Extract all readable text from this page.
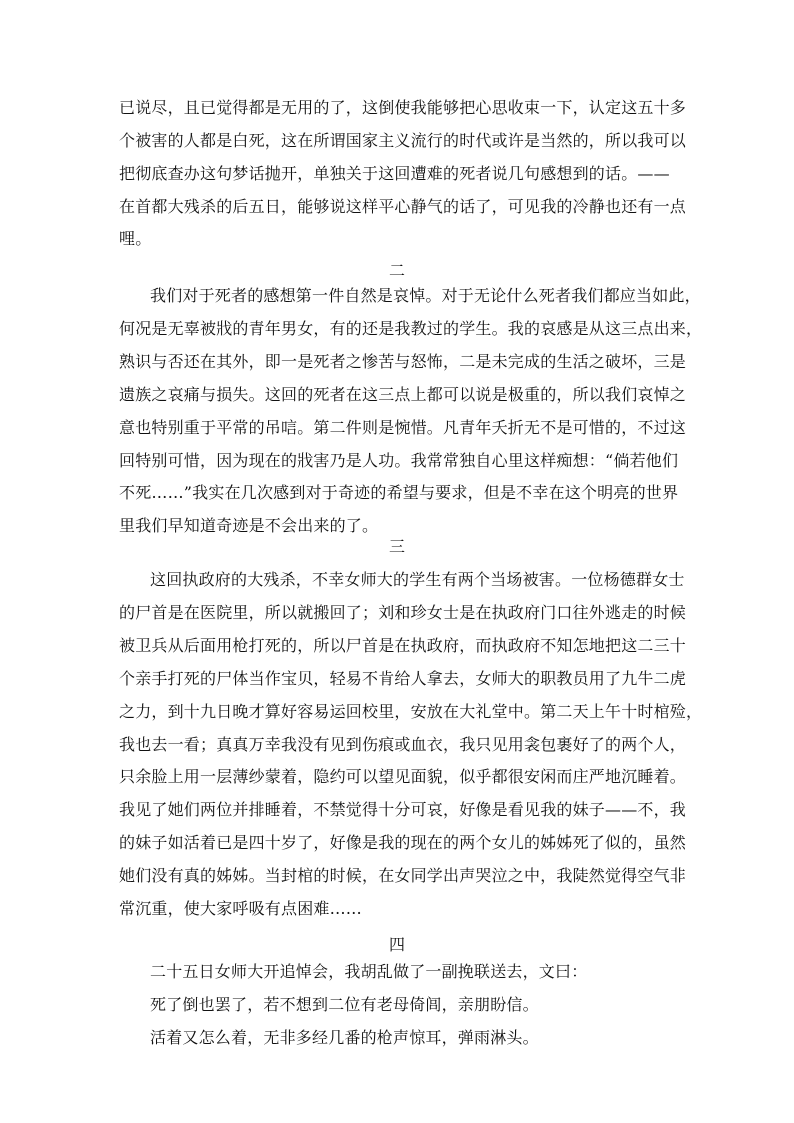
已说尽，且已觉得都是无用的了，这倒使我能够把心思收束一下，认定这五十多
个被害的人都是白死，这在所谓国家主义流行的时代或许是当然的，所以我可以
把彻底查办这句梦话抛开，单独关于这回遭难的死者说几句感想到的话。——
在首都大残杀的后五日，能够说这样平心静气的话了，可见我的冷静也还有一点
哩。
二
我们对于死者的感想第一件自然是哀悼。对于无论什么死者我们都应当如此，
何况是无辜被戕的青年男女，有的还是我教过的学生。我的哀感是从这三点出来，
熟识与否还在其外，即一是死者之惨苦与怒怖，二是未完成的生活之破坏，三是
遗族之哀痛与损失。这回的死者在这三点上都可以说是极重的，所以我们哀悼之
意也特别重于平常的吊唁。第二件则是惋惜。凡青年夭折无不是可惜的，不过这
回特别可惜，因为现在的戕害乃是人功。我常常独自心里这样痴想：“倘若他们
不死……”我实在几次感到对于奇迹的希望与要求，但是不幸在这个明亮的世界
里我们早知道奇迹是不会出来的了。
三
这回执政府的大残杀，不幸女师大的学生有两个当场被害。一位杨德群女士
的尸首是在医院里，所以就搬回了；刘和珍女士是在执政府门口往外逃走的时候
被卫兵从后面用枪打死的，所以尸首是在执政府，而执政府不知怎地把这二三十
个亲手打死的尸体当作宝贝，轻易不肯给人拿去，女师大的职教员用了九牛二虎
之力，到十九日晚才算好容易运回校里，安放在大礼堂中。第二天上午十时棺殓，
我也去一看；真真万幸我没有见到伤痕或血衣，我只见用衾包裹好了的两个人，
只余脸上用一层薄纱蒙着，隐约可以望见面貌，似乎都很安闲而庄严地沉睡着。
我见了她们两位并排睡着，不禁觉得十分可哀，好像是看见我的妹子——不，我
的妹子如活着已是四十岁了，好像是我的现在的两个女儿的姊姊死了似的，虽然
她们没有真的姊姊。当封棺的时候，在女同学出声哭泣之中，我陡然觉得空气非
常沉重，使大家呼吸有点困难……
四
二十五日女师大开追悼会，我胡乱做了一副挽联送去，文曰：
死了倒也罢了，若不想到二位有老母倚闾，亲朋盼信。
活着又怎么着，无非多经几番的枪声惊耳，弹雨淋头。
